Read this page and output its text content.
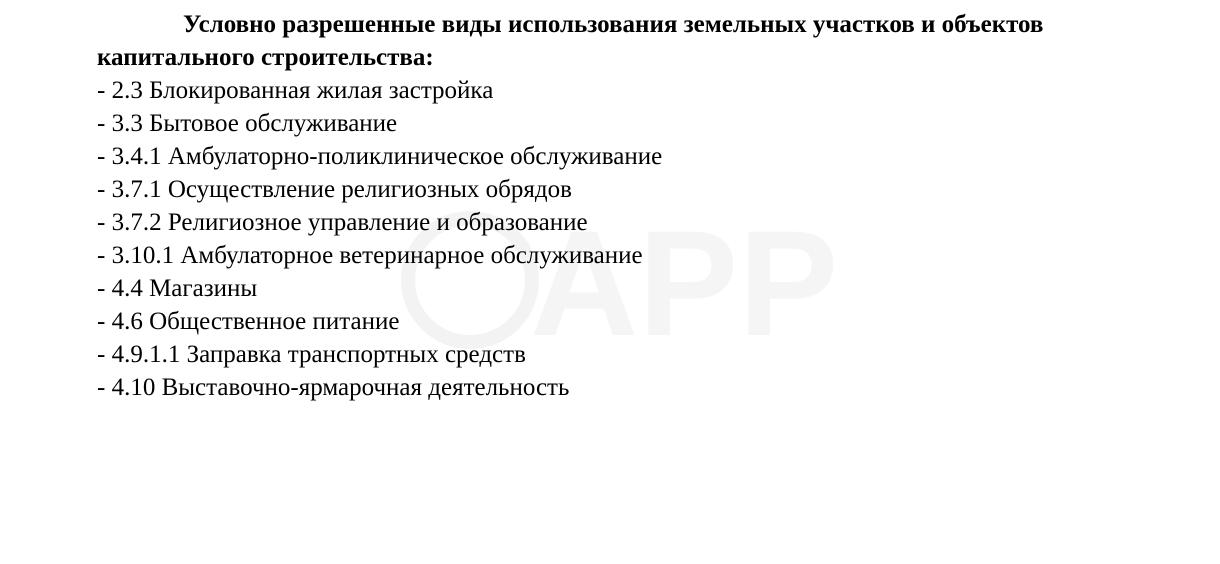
APP

Условно разрешенные виды использования земельных участков и объектов капитального строительства:

- 2.3 Блокированная жилая застройка
- 3.3 Бытовое обслуживание
- 3.4.1 Амбулаторно-поликлиническое обслуживание
- 3.7.1 Осуществление религиозных обрядов
- 3.7.2 Религиозное управление и образование
- 3.10.1 Амбулаторное ветеринарное обслуживание
- 4.4 Магазины
- 4.6 Общественное питание
- 4.9.1.1 Заправка транспортных средств
- 4.10 Выставочно-ярмарочная деятельность
